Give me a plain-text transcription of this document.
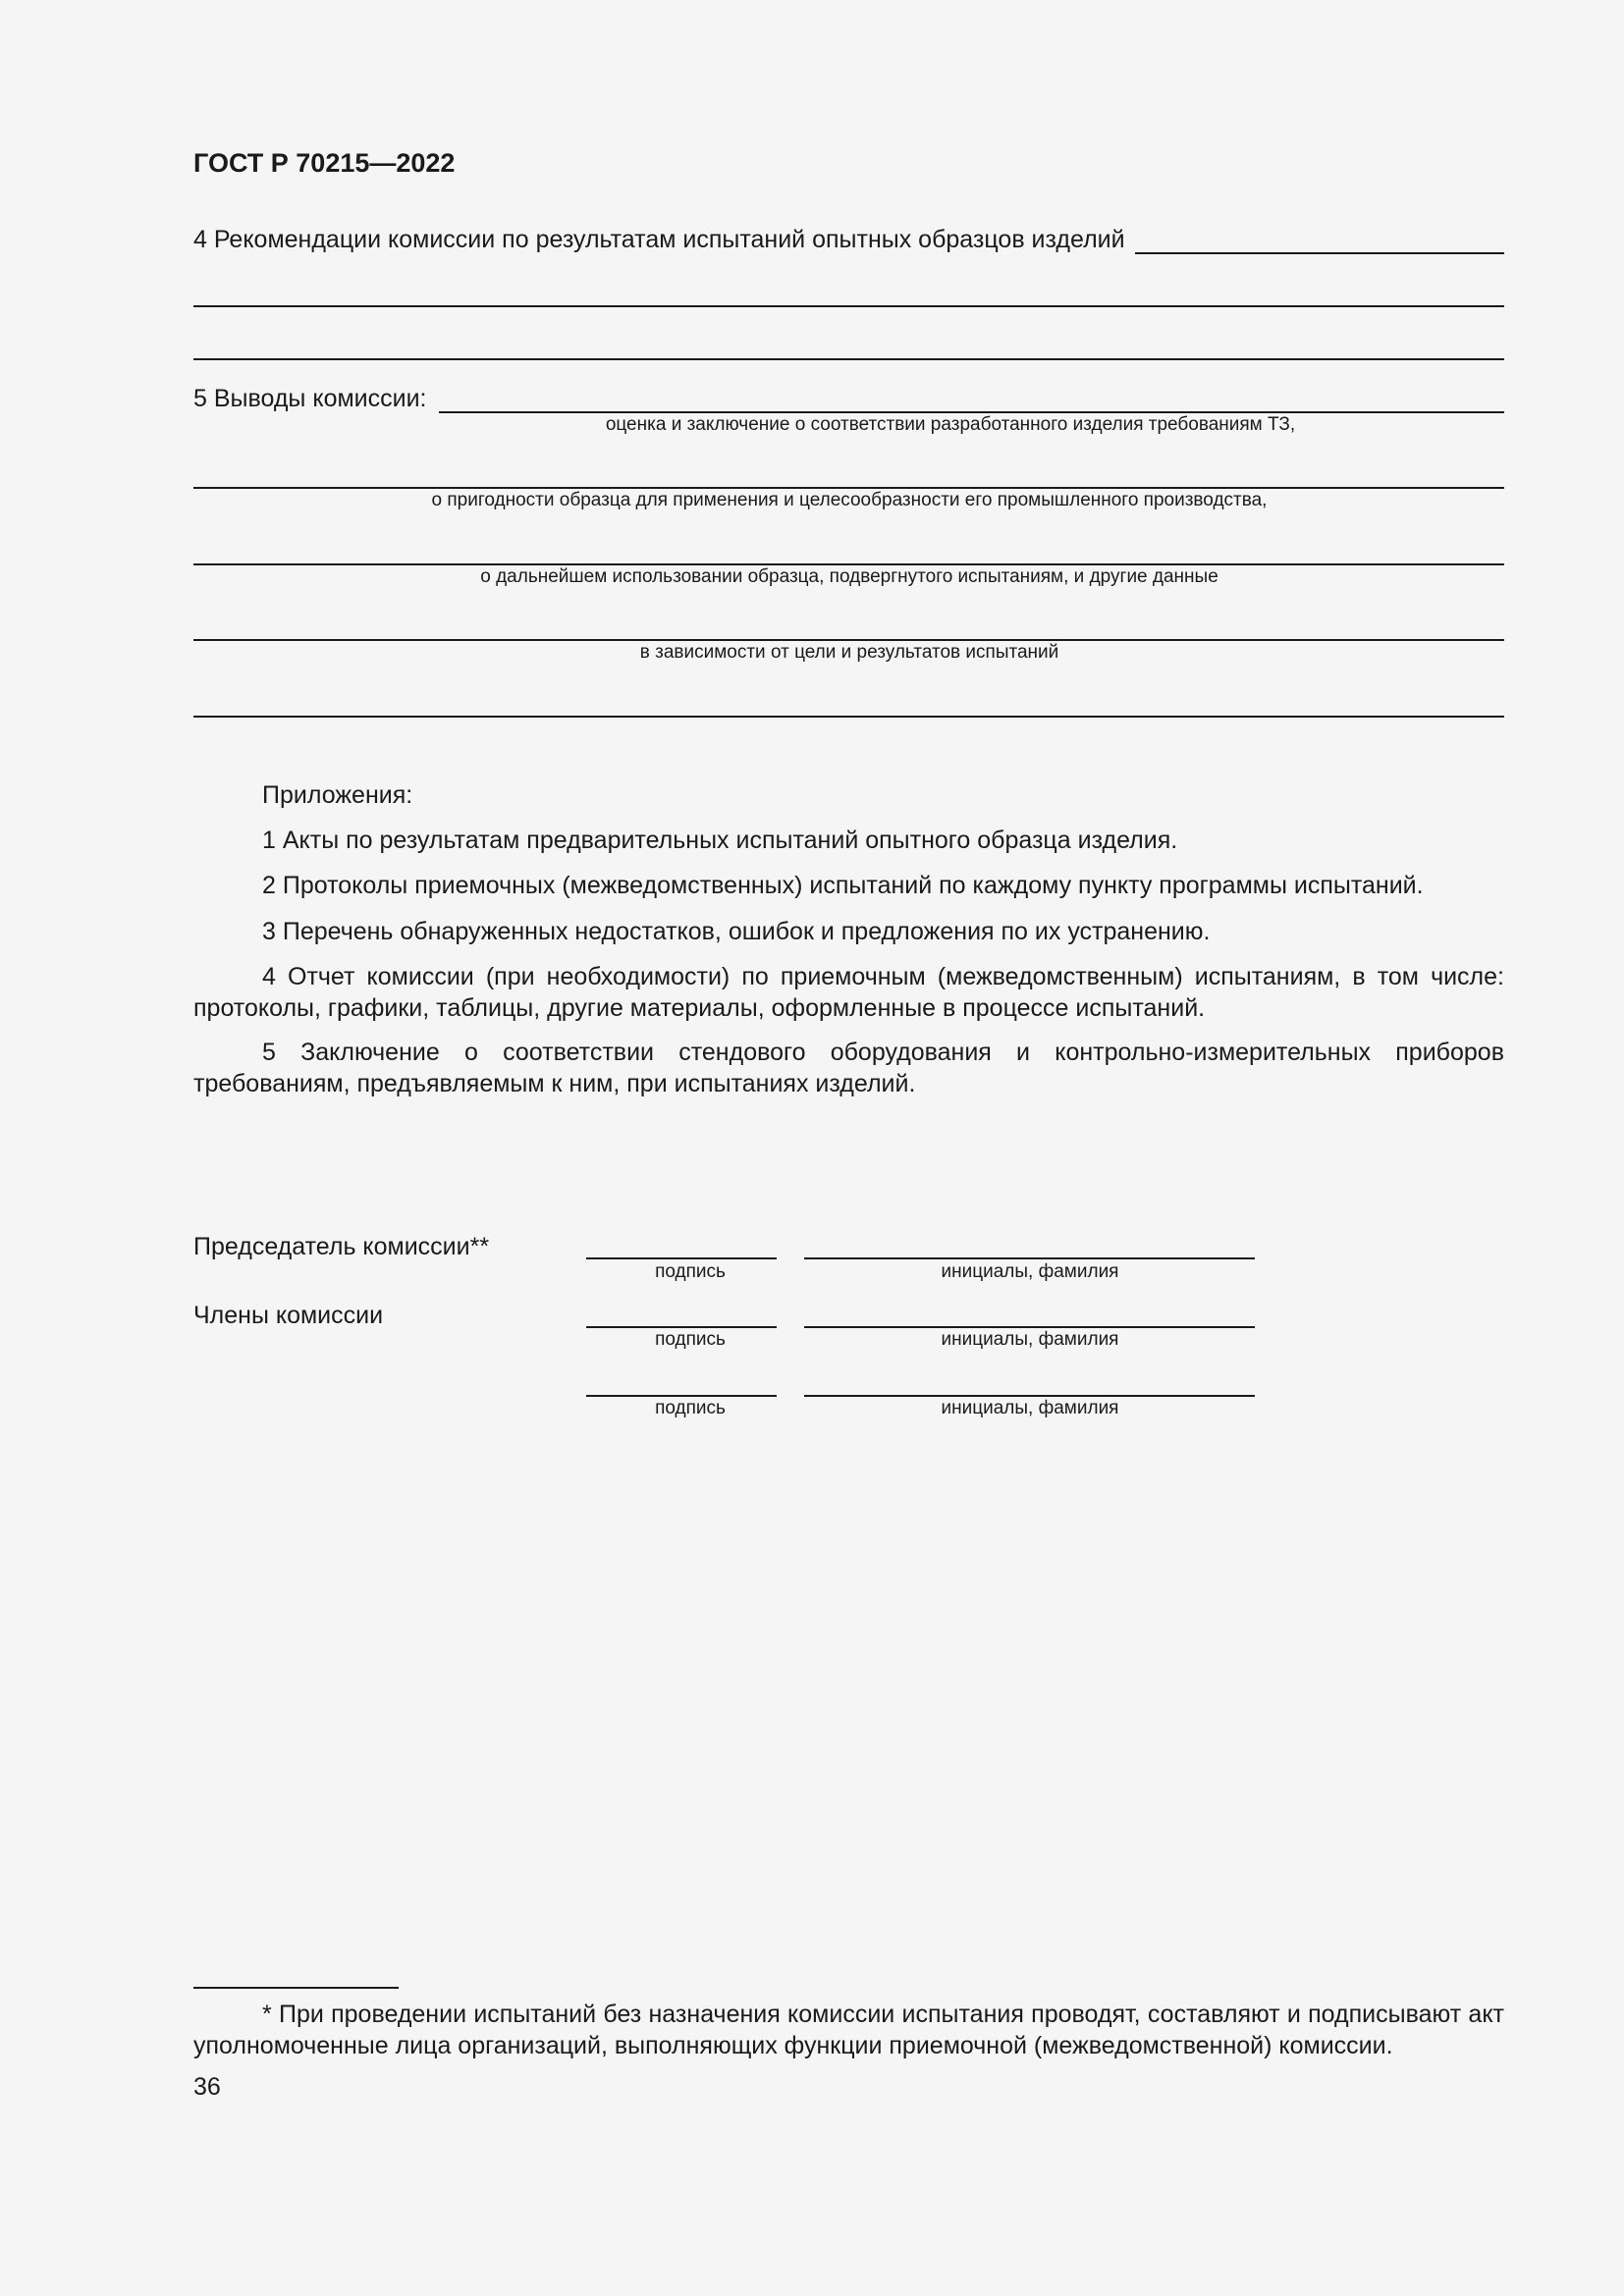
ГОСТ Р 70215—2022
4 Рекомендации комиссии по результатам испытаний опытных образцов изделий
5 Выводы комиссии:
оценка и заключение о соответствии разработанного изделия требованиям ТЗ,
о пригодности образца для применения и целесообразности его промышленного производства,
о дальнейшем использовании образца, подвергнутого испытаниям, и другие данные
в зависимости от цели и результатов испытаний
Приложения:
1 Акты по результатам предварительных испытаний опытного образца изделия.
2 Протоколы приемочных (межведомственных) испытаний по каждому пункту программы испытаний.
3 Перечень обнаруженных недостатков, ошибок и предложения по их устранению.
4 Отчет комиссии (при необходимости) по приемочным (межведомственным) испытаниям, в том числе: протоколы, графики, таблицы, другие материалы, оформленные в процессе испытаний.
5 Заключение о соответствии стендового оборудования и контрольно-измерительных приборов требованиям, предъявляемым к ним, при испытаниях изделий.
Председатель комиссии**
подпись	инициалы, фамилия
Члены комиссии
подпись	инициалы, фамилия
подпись	инициалы, фамилия
* При проведении испытаний без назначения комиссии испытания проводят, составляют и подписывают акт уполномоченные лица организаций, выполняющих функции приемочной (межведомственной) комиссии.
36
